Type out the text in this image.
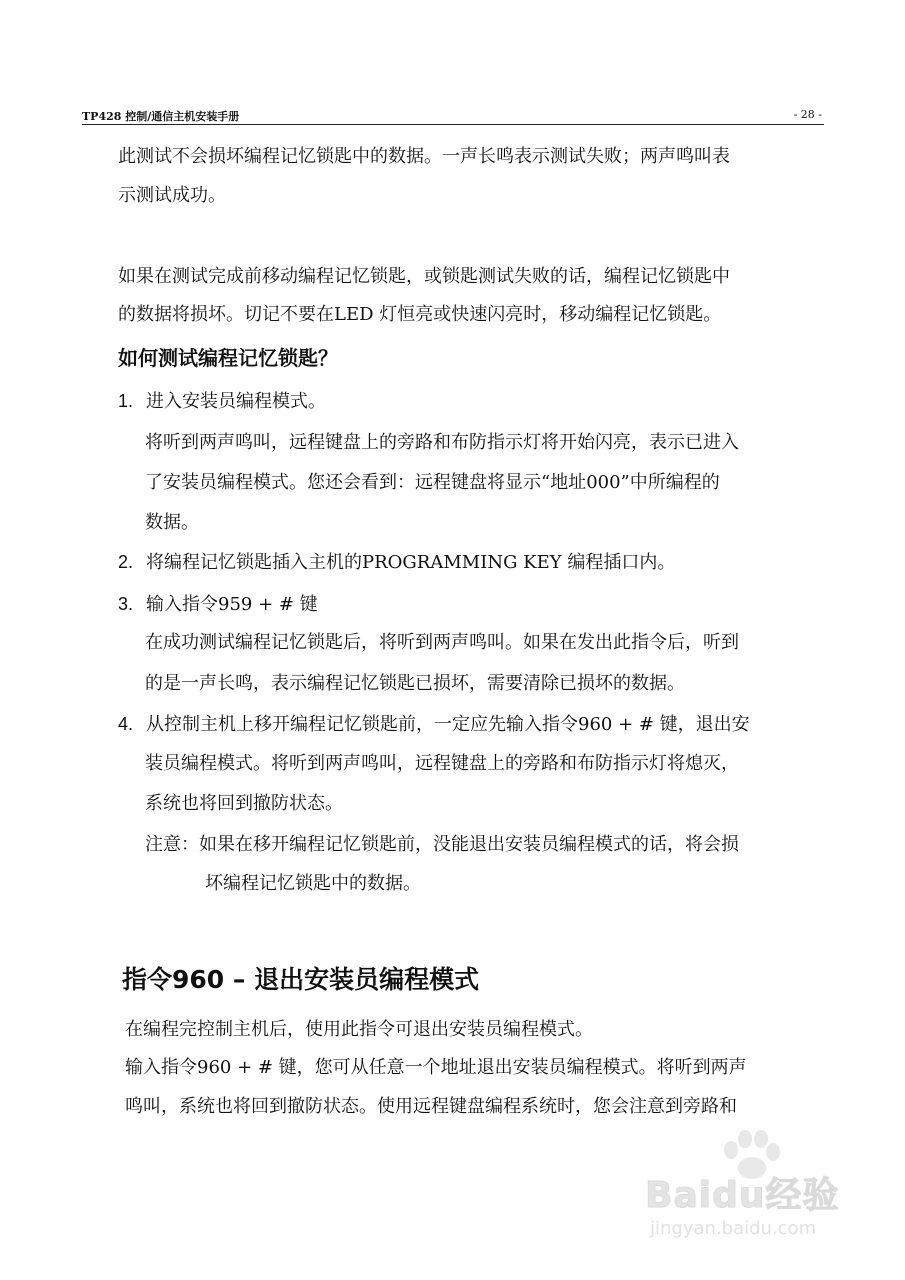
TP428 控制/通信主机安装手册	- 28 -
此测试不会损坏编程记忆锁匙中的数据。一声长鸣表示测试失败；两声鸣叫表
示测试成功。
如果在测试完成前移动编程记忆锁匙，或锁匙测试失败的话，编程记忆锁匙中
的数据将损坏。切记不要在LED 灯恒亮或快速闪亮时，移动编程记忆锁匙。
如何测试编程记忆锁匙？
1. 进入安装员编程模式。
将听到两声鸣叫，远程键盘上的旁路和布防指示灯将开始闪亮，表示已进入
了安装员编程模式。您还会看到：远程键盘将显示“地址000”中所编程的
数据。
2. 将编程记忆锁匙插入主机的PROGRAMMING KEY 编程插口内。
3. 输入指令959 + # 键
在成功测试编程记忆锁匙后，将听到两声鸣叫。如果在发出此指令后，听到
的是一声长鸣，表示编程记忆锁匙已损坏，需要清除已损坏的数据。
4. 从控制主机上移开编程记忆锁匙前，一定应先输入指令960 + # 键，退出安
装员编程模式。将听到两声鸣叫，远程键盘上的旁路和布防指示灯将熄灭，
系统也将回到撤防状态。
注意：如果在移开编程记忆锁匙前，没能退出安装员编程模式的话，将会损
坏编程记忆锁匙中的数据。
指令960 – 退出安装员编程模式
在编程完控制主机后，使用此指令可退出安装员编程模式。
输入指令960 + # 键，您可从任意一个地址退出安装员编程模式。将听到两声
鸣叫，系统也将回到撤防状态。使用远程键盘编程系统时，您会注意到旁路和
Baidu经验
jingyan.baidu.com
